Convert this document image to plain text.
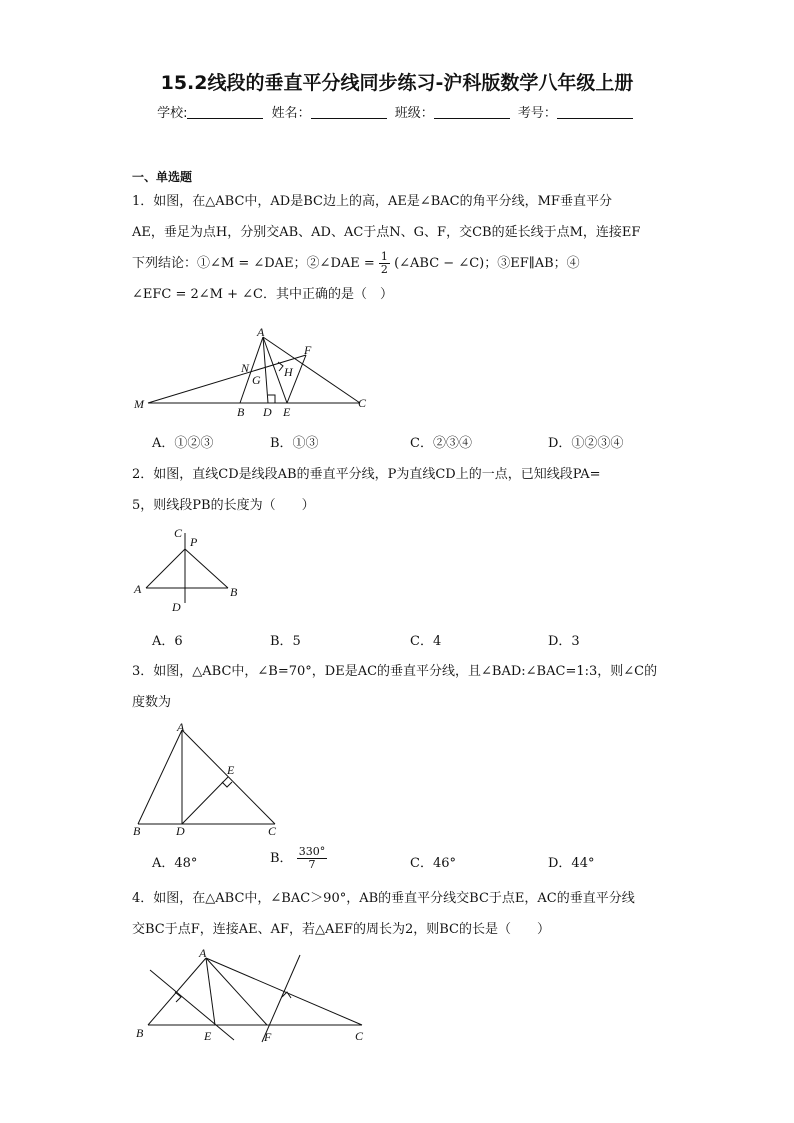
15.2线段的垂直平分线同步练习-沪科版数学八年级上册
学校:	姓名：	班级：	考号：
一、单选题
1．如图，在△ABC中，AD是BC边上的高，AE是∠BAC的角平分线，MF垂直平分
AE，垂足为点H，分别交AB、AD、AC于点N、G、F，交CB的延长线于点M，连接EF
下列结论：①∠M = ∠DAE；②∠DAE = $\frac{1}{2}$ (∠ABC − ∠C)；③EF∥AB；④
∠EFC = 2∠M + ∠C．其中正确的是（　）
A
F
N
G
H
M
B D E
C
A．①②③	B．①③	C．②③④	D．①②③④
2．如图，直线CD是线段AB的垂直平分线，P为直线CD上的一点，已知线段PA=
5，则线段PB的长度为（　　）
C
P
A	B
D
A．6	B．5	C．4	D．3
3．如图，△ABC中，∠B=70°，DE是AC的垂直平分线，且∠BAD:∠BAC=1:3，则∠C的
度数为
A
E
B	D	C
A．48°	B． $\frac{330^\circ}{7}$	C．46°	D．44°
4．如图，在△ABC中，∠BAC＞90°，AB的垂直平分线交BC于点E，AC的垂直平分线
交BC于点F，连接AE、AF，若△AEF的周长为2，则BC的长是（　　）
A
B	E	F	C
